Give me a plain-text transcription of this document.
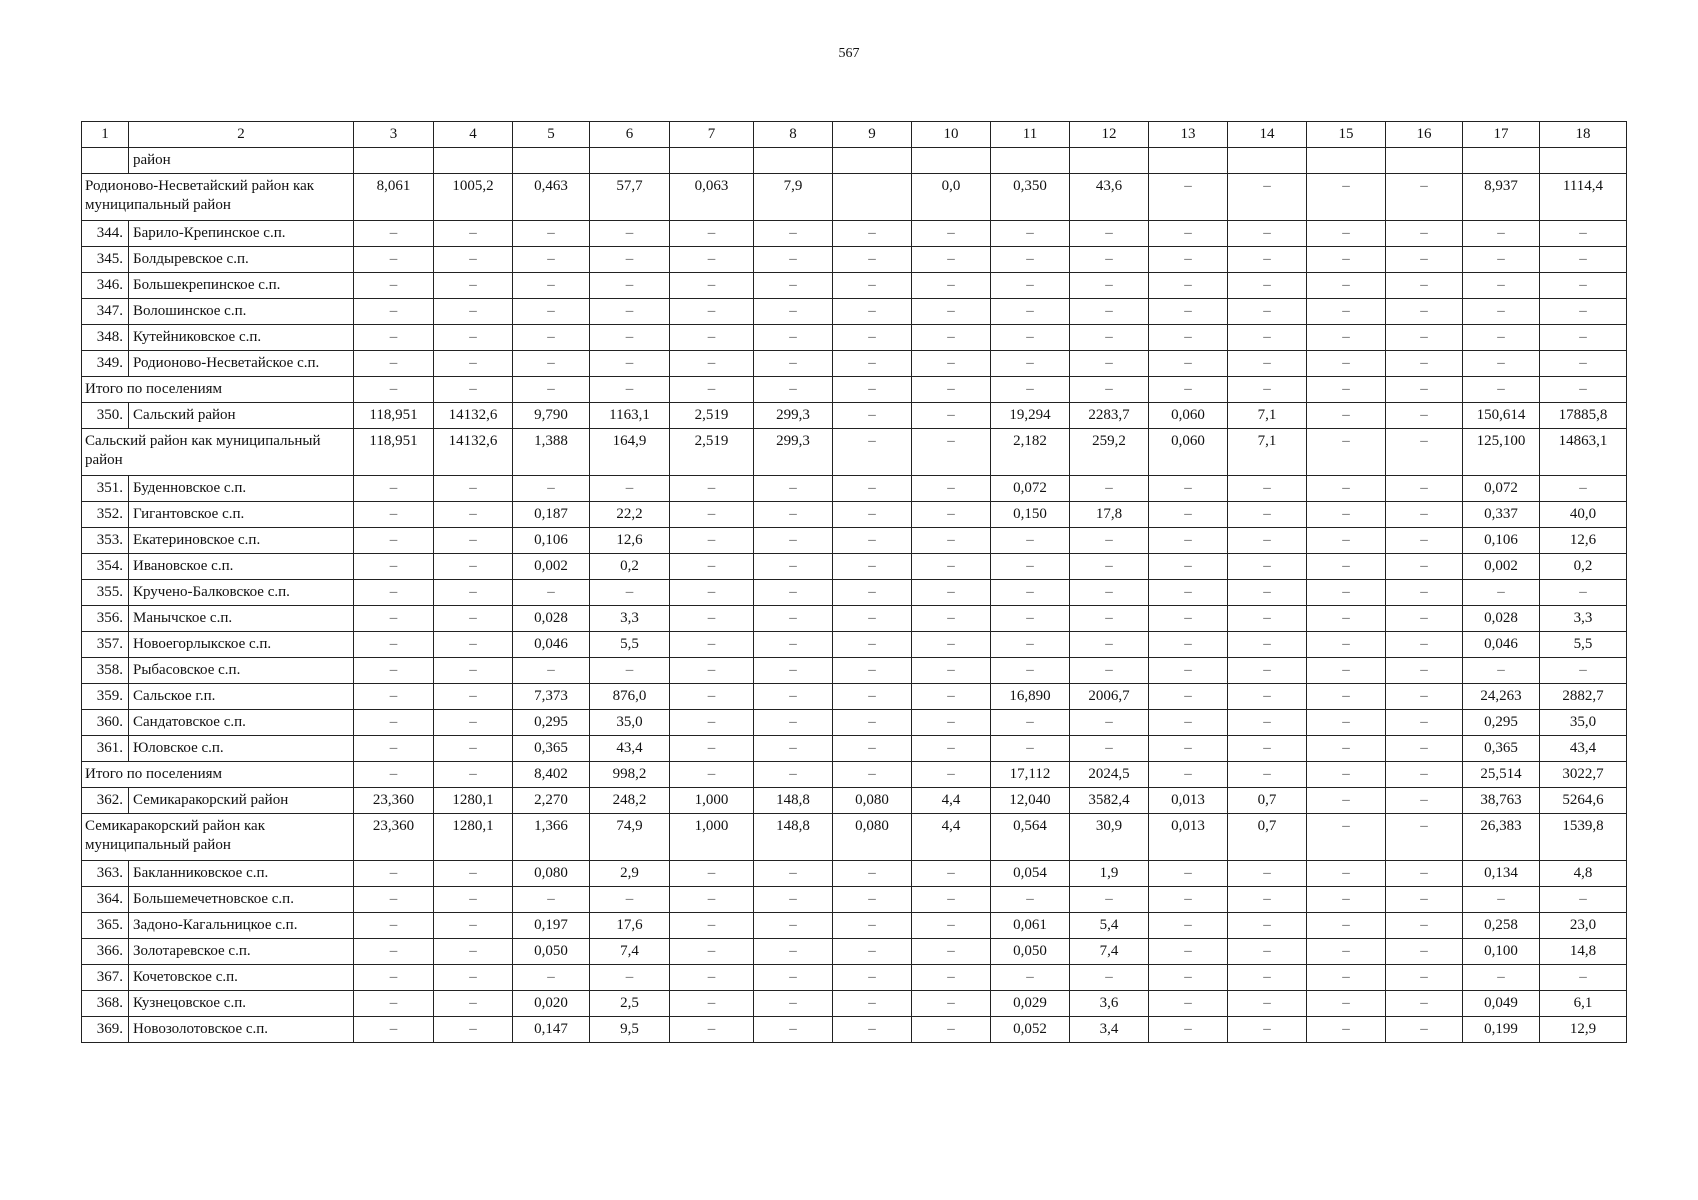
567
1	2	3	4	5	6	7	8	9	10	11	12	13	14	15	16	17	18
	район																
Родионово-Несветайский район как муниципальный район		8,061	1005,2	0,463	57,7	0,063	7,9		0,0	0,350	43,6	–	–	–	–	8,937	1114,4
344.	Барило-Крепинское с.п.	–	–	–	–	–	–	–	–	–	–	–	–	–	–	–	–
345.	Болдыревское с.п.	–	–	–	–	–	–	–	–	–	–	–	–	–	–	–	–
346.	Большекрепинское с.п.	–	–	–	–	–	–	–	–	–	–	–	–	–	–	–	–
347.	Волошинское с.п.	–	–	–	–	–	–	–	–	–	–	–	–	–	–	–	–
348.	Кутейниковское с.п.	–	–	–	–	–	–	–	–	–	–	–	–	–	–	–	–
349.	Родионово-Несветайское с.п.	–	–	–	–	–	–	–	–	–	–	–	–	–	–	–	–
Итого по поселениям		–	–	–	–	–	–	–	–	–	–	–	–	–	–	–	–
350.	Сальский район	118,951	14132,6	9,790	1163,1	2,519	299,3	–	–	19,294	2283,7	0,060	7,1	–	–	150,614	17885,8
Сальский район как муниципальный район		118,951	14132,6	1,388	164,9	2,519	299,3	–	–	2,182	259,2	0,060	7,1	–	–	125,100	14863,1
351.	Буденновское с.п.	–	–	–	–	–	–	–	–	0,072	–	–	–	–	–	0,072	–
352.	Гигантовское с.п.	–	–	0,187	22,2	–	–	–	–	0,150	17,8	–	–	–	–	0,337	40,0
353.	Екатериновское с.п.	–	–	0,106	12,6	–	–	–	–	–	–	–	–	–	–	0,106	12,6
354.	Ивановское с.п.	–	–	0,002	0,2	–	–	–	–	–	–	–	–	–	–	0,002	0,2
355.	Кручено-Балковское с.п.	–	–	–	–	–	–	–	–	–	–	–	–	–	–	–	–
356.	Манычское с.п.	–	–	0,028	3,3	–	–	–	–	–	–	–	–	–	–	0,028	3,3
357.	Новоегорлыкское с.п.	–	–	0,046	5,5	–	–	–	–	–	–	–	–	–	–	0,046	5,5
358.	Рыбасовское с.п.	–	–	–	–	–	–	–	–	–	–	–	–	–	–	–	–
359.	Сальское г.п.	–	–	7,373	876,0	–	–	–	–	16,890	2006,7	–	–	–	–	24,263	2882,7
360.	Сандатовское с.п.	–	–	0,295	35,0	–	–	–	–	–	–	–	–	–	–	0,295	35,0
361.	Юловское с.п.	–	–	0,365	43,4	–	–	–	–	–	–	–	–	–	–	0,365	43,4
Итого по поселениям		–	–	8,402	998,2	–	–	–	–	17,112	2024,5	–	–	–	–	25,514	3022,7
362.	Семикаракорский район	23,360	1280,1	2,270	248,2	1,000	148,8	0,080	4,4	12,040	3582,4	0,013	0,7	–	–	38,763	5264,6
Семикаракорский район как муниципальный район		23,360	1280,1	1,366	74,9	1,000	148,8	0,080	4,4	0,564	30,9	0,013	0,7	–	–	26,383	1539,8
363.	Бакланниковское с.п.	–	–	0,080	2,9	–	–	–	–	0,054	1,9	–	–	–	–	0,134	4,8
364.	Большемечетновское с.п.	–	–	–	–	–	–	–	–	–	–	–	–	–	–	–	–
365.	Задоно-Кагальницкое с.п.	–	–	0,197	17,6	–	–	–	–	0,061	5,4	–	–	–	–	0,258	23,0
366.	Золотаревское с.п.	–	–	0,050	7,4	–	–	–	–	0,050	7,4	–	–	–	–	0,100	14,8
367.	Кочетовское с.п.	–	–	–	–	–	–	–	–	–	–	–	–	–	–	–	–
368.	Кузнецовское с.п.	–	–	0,020	2,5	–	–	–	–	0,029	3,6	–	–	–	–	0,049	6,1
369.	Новозолотовское с.п.	–	–	0,147	9,5	–	–	–	–	0,052	3,4	–	–	–	–	0,199	12,9
